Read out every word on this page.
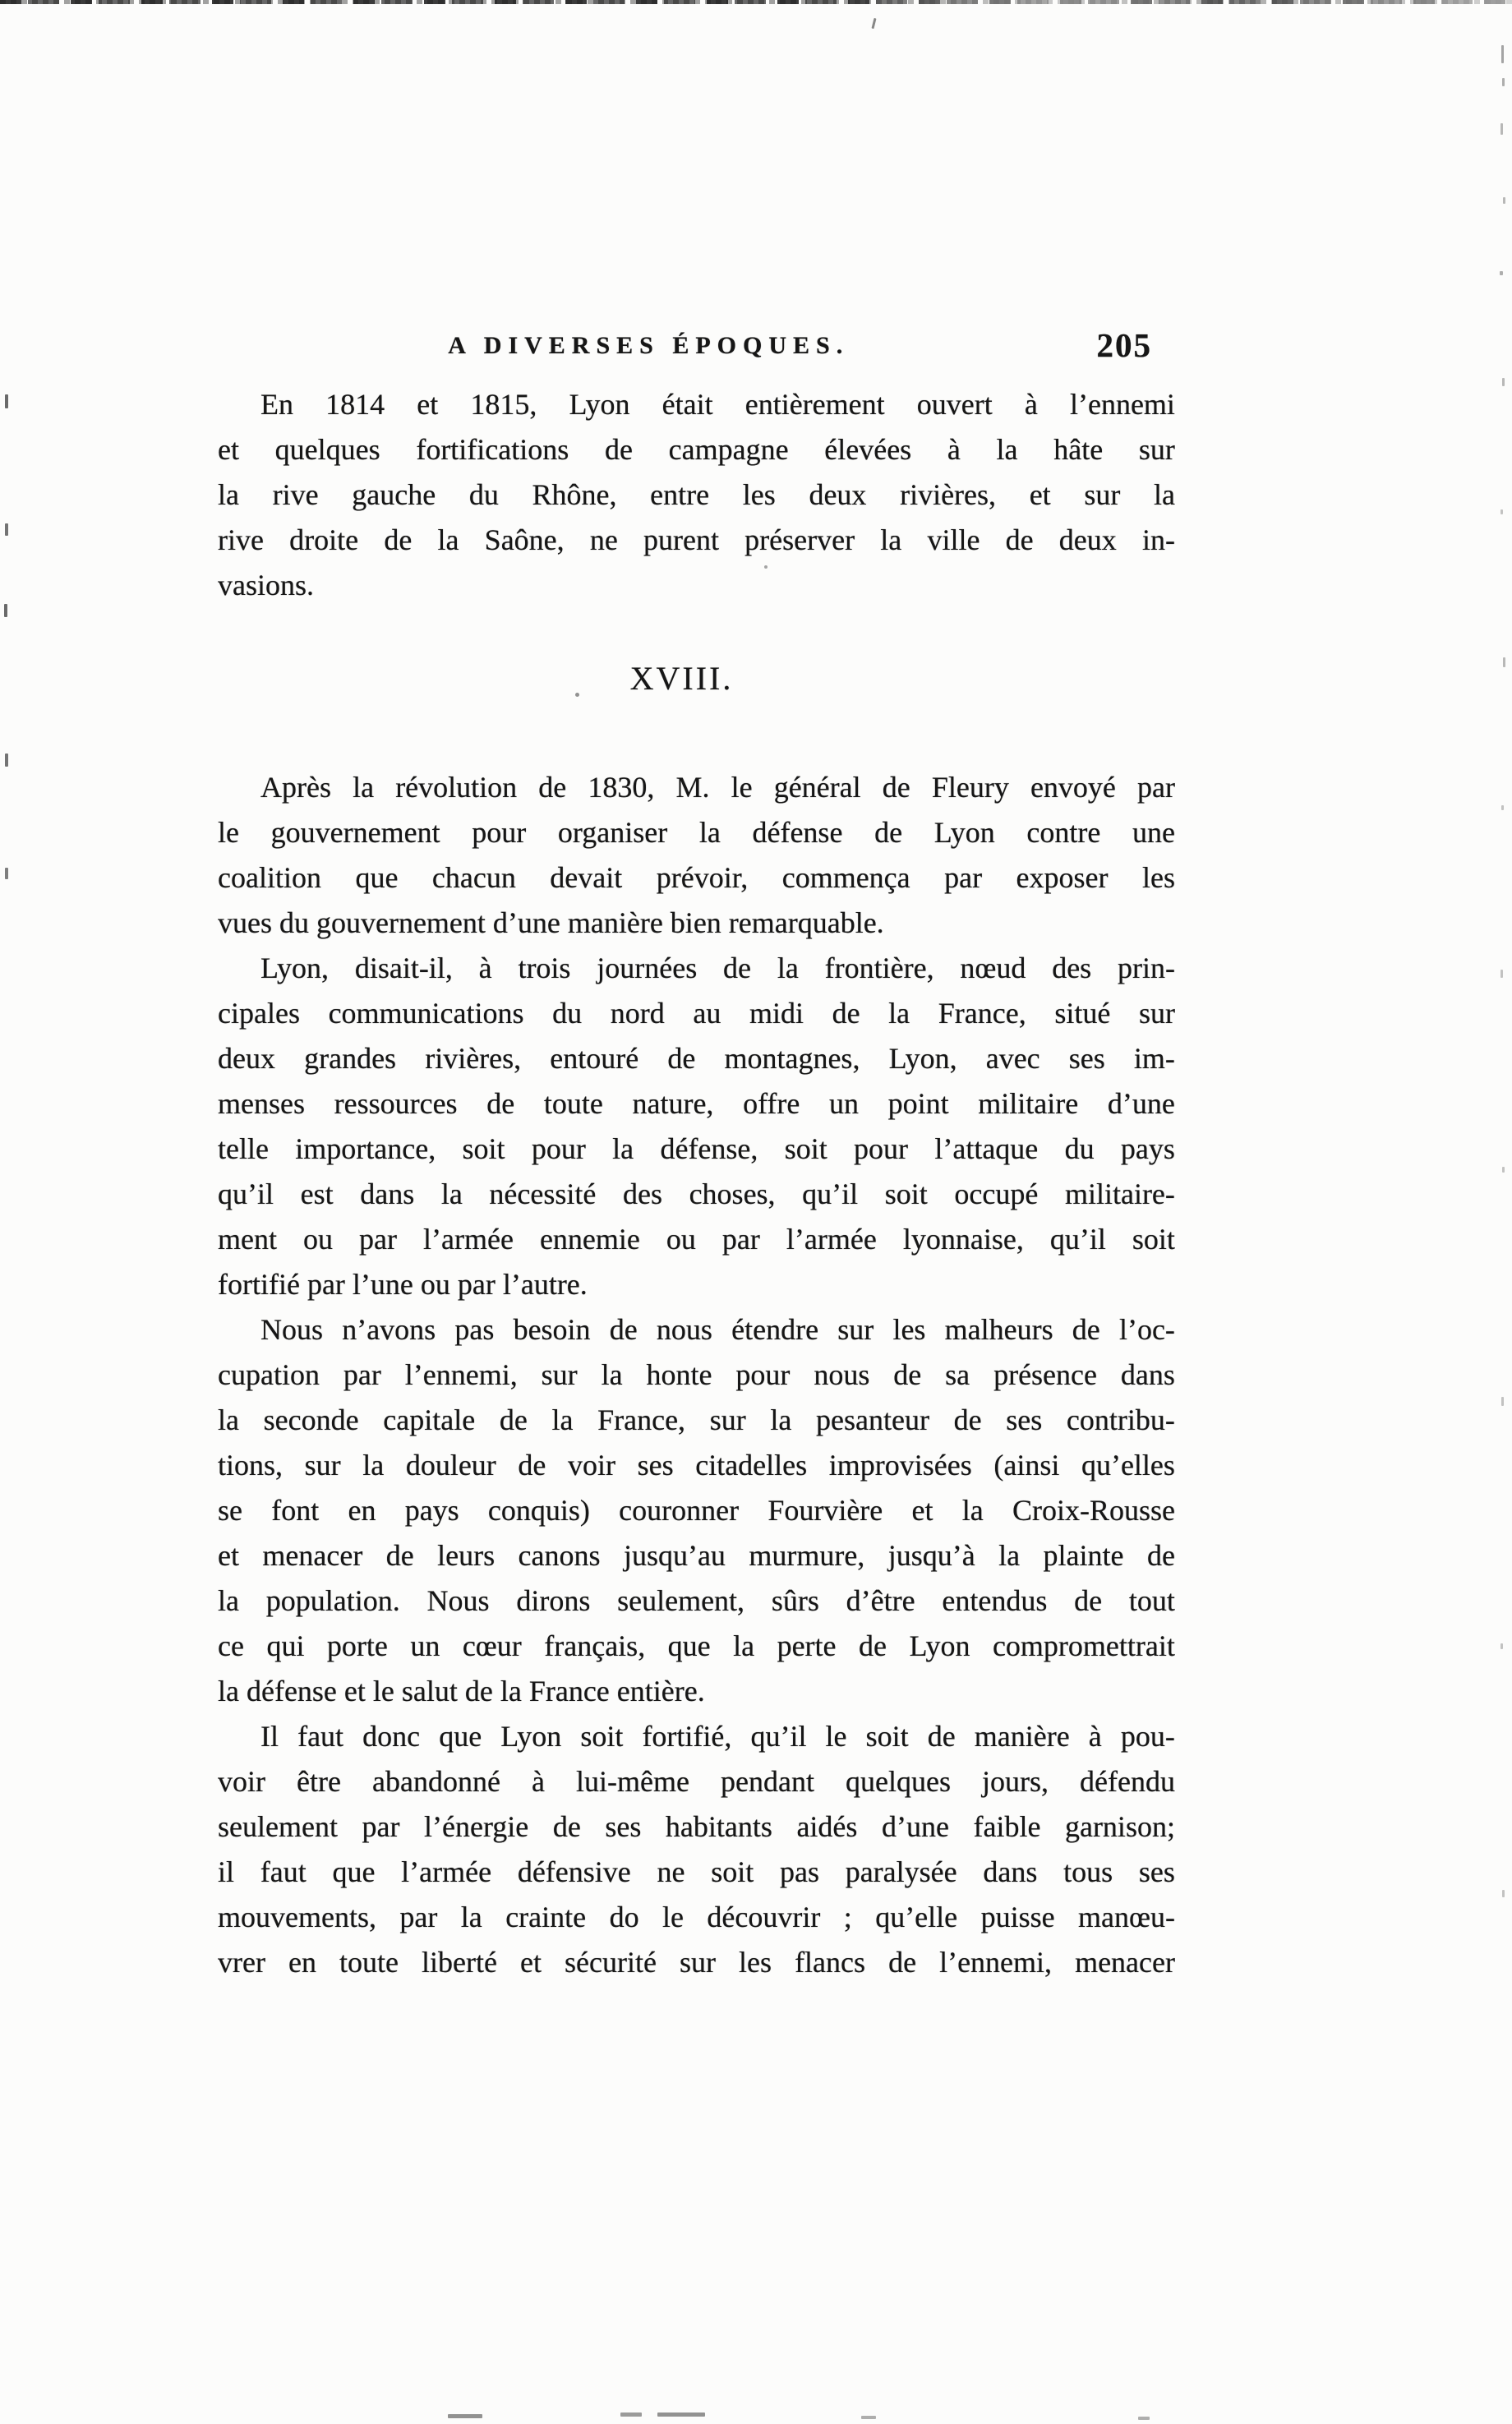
A DIVERSES ÉPOQUES.	205
En 1814 et 1815, Lyon était entièrement ouvert à l’ennemi
et quelques fortifications de campagne élevées à la hâte sur
la rive gauche du Rhône, entre les deux rivières, et sur la
rive droite de la Saône, ne purent préserver la ville de deux in-
vasions.
XVIII.
Après la révolution de 1830, M. le général de Fleury envoyé par
le gouvernement pour organiser la défense de Lyon contre une
coalition que chacun devait prévoir, commença par exposer les
vues du gouvernement d’une manière bien remarquable.
Lyon, disait-il, à trois journées de la frontière, nœud des prin-
cipales communications du nord au midi de la France, situé sur
deux grandes rivières, entouré de montagnes, Lyon, avec ses im-
menses ressources de toute nature, offre un point militaire d’une
telle importance, soit pour la défense, soit pour l’attaque du pays
qu’il est dans la nécessité des choses, qu’il soit occupé militaire-
ment ou par l’armée ennemie ou par l’armée lyonnaise, qu’il soit
fortifié par l’une ou par l’autre.
Nous n’avons pas besoin de nous étendre sur les malheurs de l’oc-
cupation par l’ennemi, sur la honte pour nous de sa présence dans
la seconde capitale de la France, sur la pesanteur de ses contribu-
tions, sur la douleur de voir ses citadelles improvisées (ainsi qu’elles
se font en pays conquis) couronner Fourvière et la Croix-Rousse
et menacer de leurs canons jusqu’au murmure, jusqu’à la plainte de
la population. Nous dirons seulement, sûrs d’être entendus de tout
ce qui porte un cœur français, que la perte de Lyon compromettrait
la défense et le salut de la France entière.
Il faut donc que Lyon soit fortifié, qu’il le soit de manière à pou-
voir être abandonné à lui-même pendant quelques jours, défendu
seulement par l’énergie de ses habitants aidés d’une faible garnison;
il faut que l’armée défensive ne soit pas paralysée dans tous ses
mouvements, par la crainte do le découvrir ; qu’elle puisse manœu-
vrer en toute liberté et sécurité sur les flancs de l’ennemi, menacer
